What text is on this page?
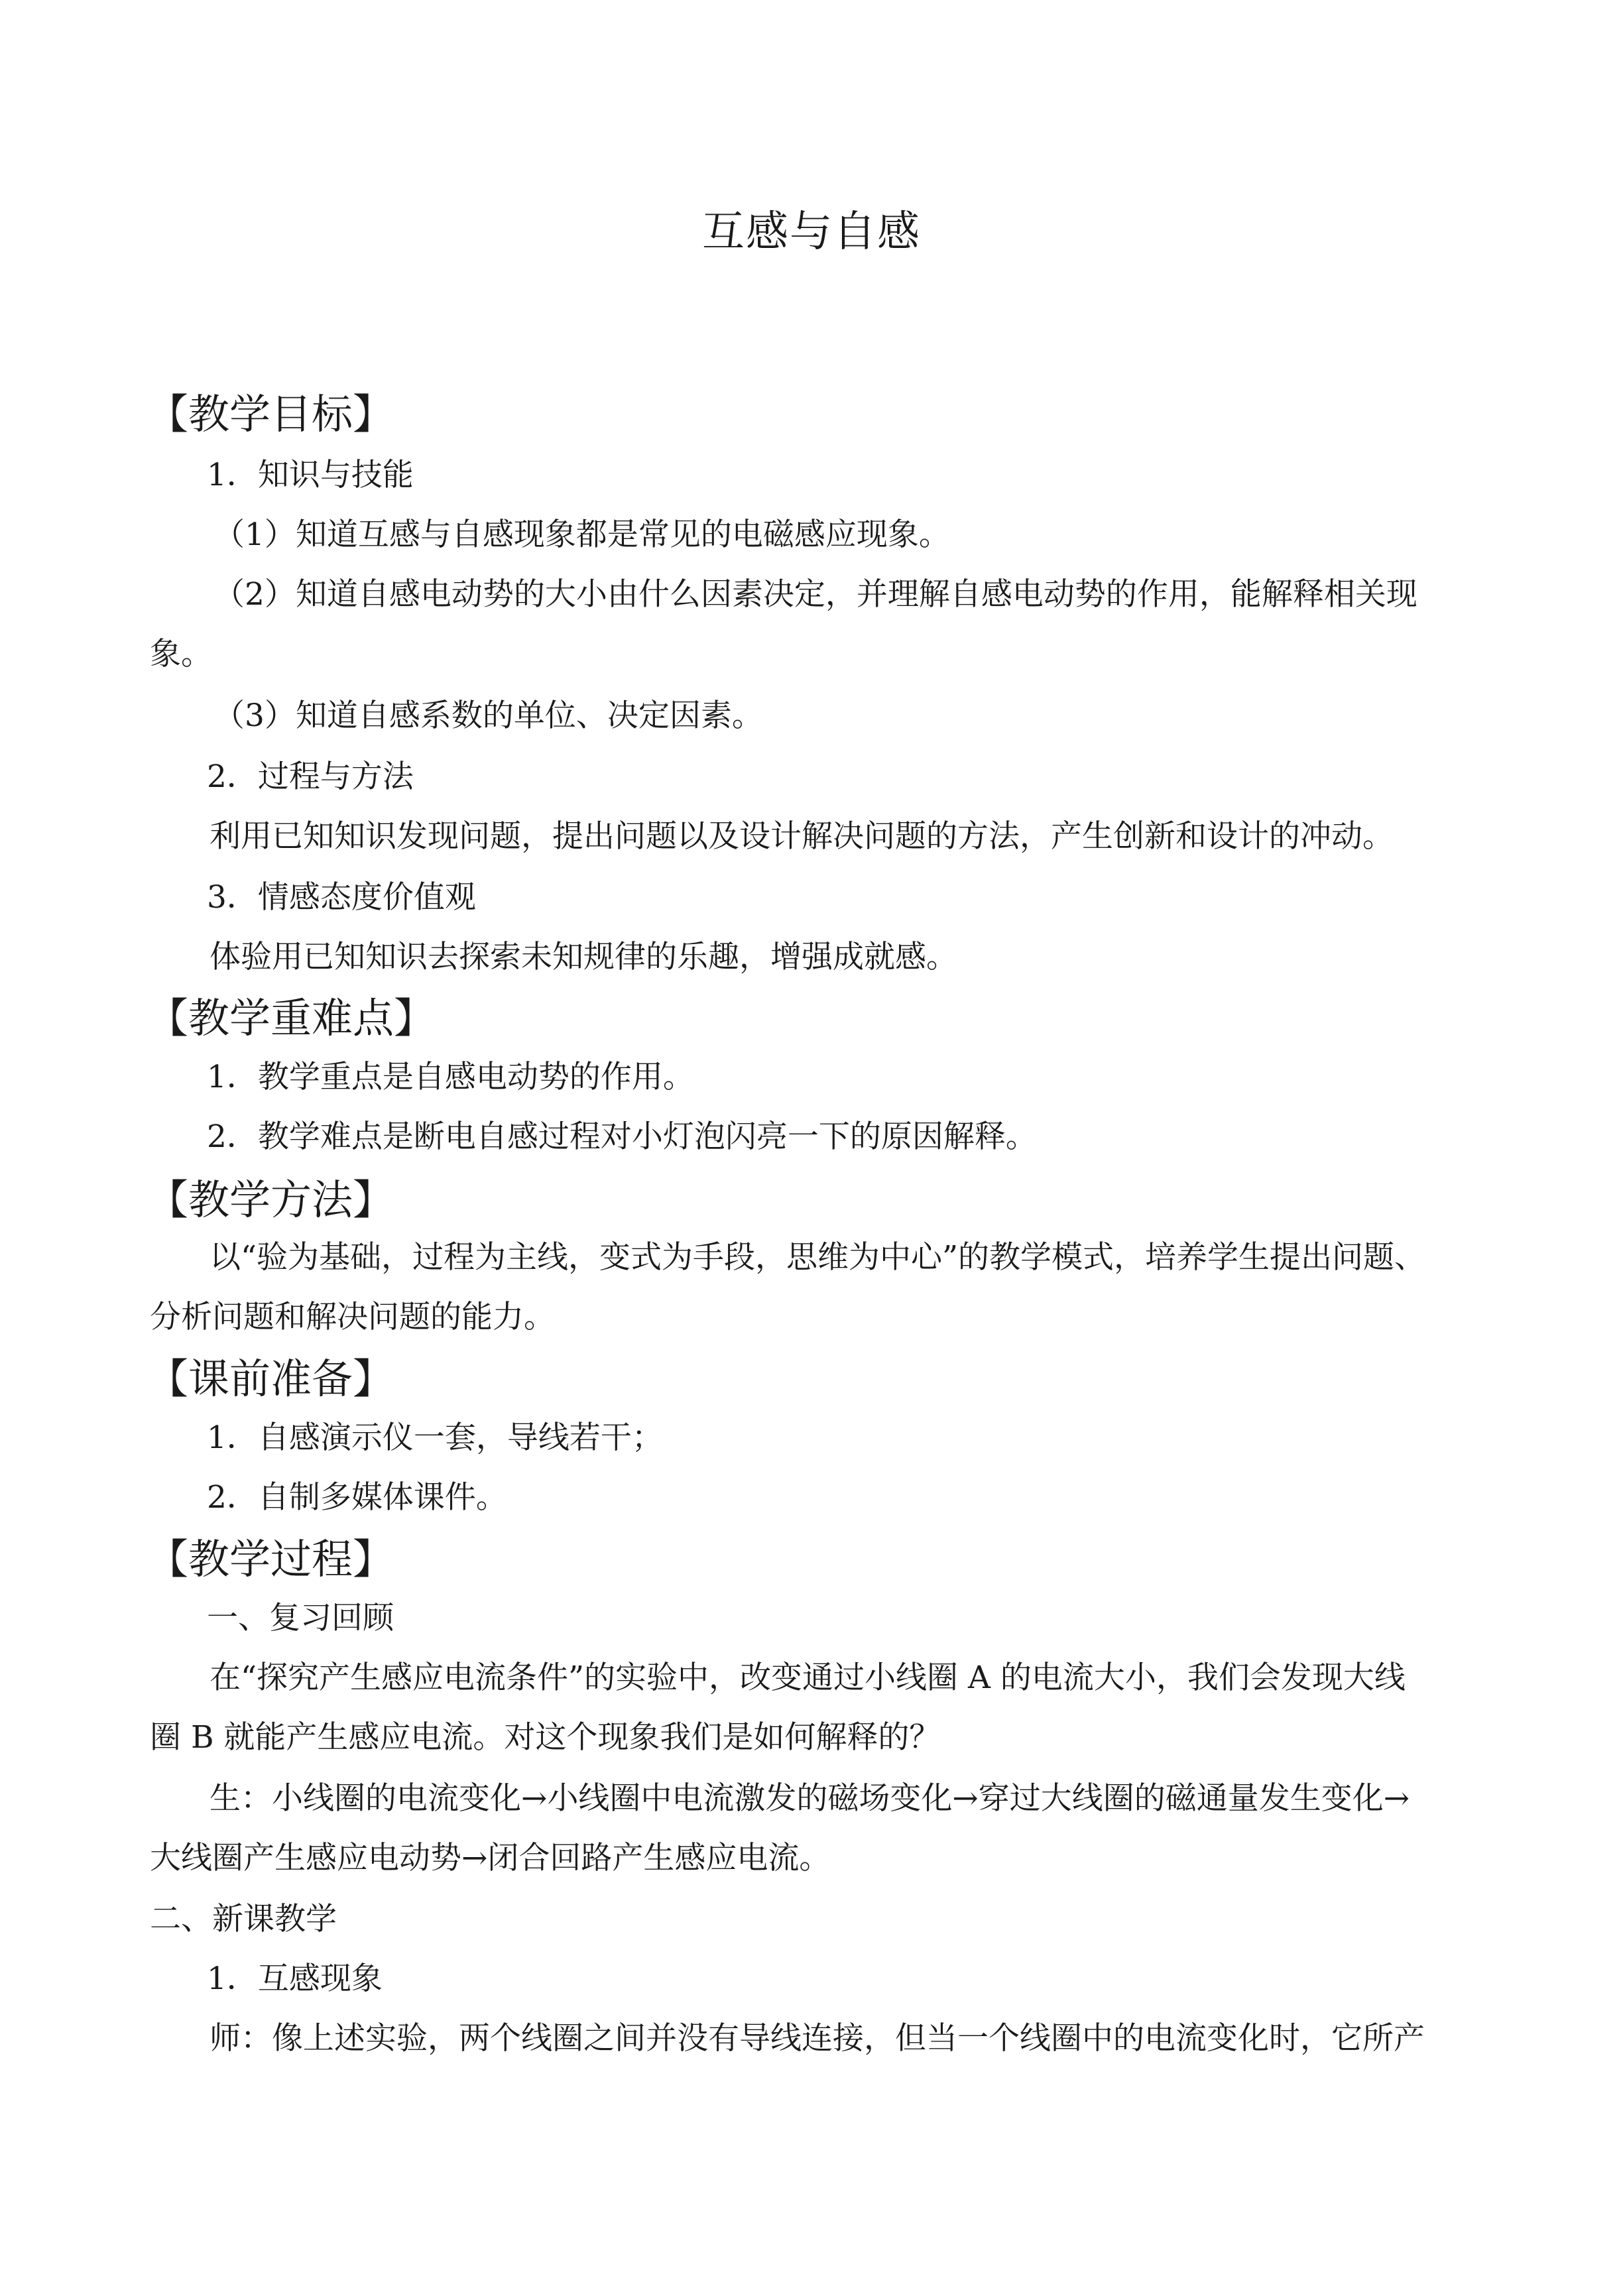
互感与自感
【教学目标】

1．知识与技能

（1）知道互感与自感现象都是常见的电磁感应现象。

（2）知道自感电动势的大小由什么因素决定，并理解自感电动势的作用，能解释相关现

象。

（3）知道自感系数的单位、决定因素。

2．过程与方法

利用已知知识发现问题，提出问题以及设计解决问题的方法，产生创新和设计的冲动。

3．情感态度价值观

体验用已知知识去探索未知规律的乐趣，增强成就感。

【教学重难点】

1．教学重点是自感电动势的作用。

2．教学难点是断电自感过程对小灯泡闪亮一下的原因解释。

【教学方法】

以“验为基础，过程为主线，变式为手段，思维为中心”的教学模式，培养学生提出问题、

分析问题和解决问题的能力。

【课前准备】

1．自感演示仪一套，导线若干；

2．自制多媒体课件。

【教学过程】

一、复习回顾

在“探究产生感应电流条件”的实验中，改变通过小线圈 A 的电流大小，我们会发现大线

圈 B 就能产生感应电流。对这个现象我们是如何解释的？

生：小线圈的电流变化→小线圈中电流激发的磁场变化→穿过大线圈的磁通量发生变化→

大线圈产生感应电动势→闭合回路产生感应电流。

二、新课教学

1．互感现象

师：像上述实验，两个线圈之间并没有导线连接，但当一个线圈中的电流变化时，它所产
